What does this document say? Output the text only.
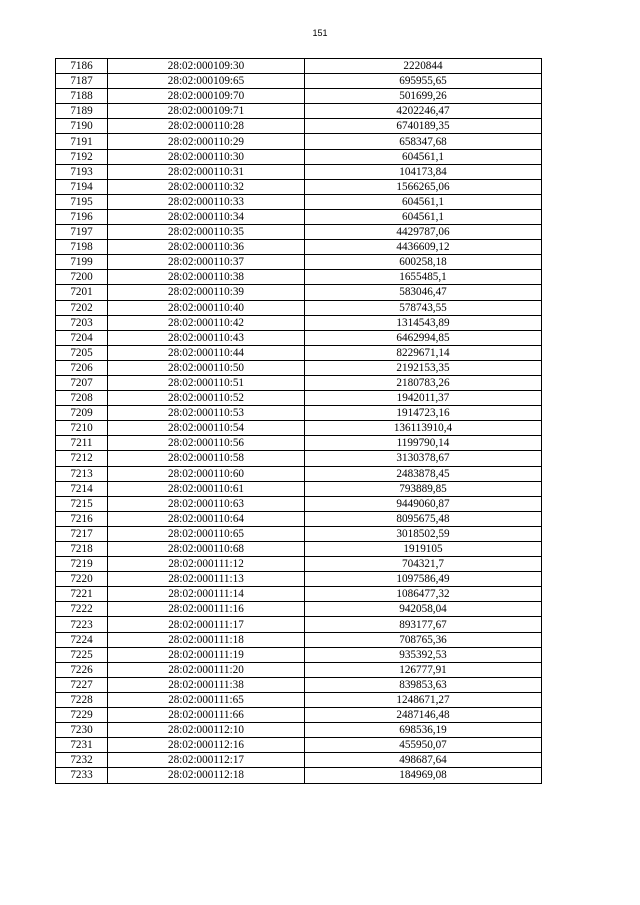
151
7186	28:02:000109:30	2220844
7187	28:02:000109:65	695955,65
7188	28:02:000109:70	501699,26
7189	28:02:000109:71	4202246,47
7190	28:02:000110:28	6740189,35
7191	28:02:000110:29	658347,68
7192	28:02:000110:30	604561,1
7193	28:02:000110:31	104173,84
7194	28:02:000110:32	1566265,06
7195	28:02:000110:33	604561,1
7196	28:02:000110:34	604561,1
7197	28:02:000110:35	4429787,06
7198	28:02:000110:36	4436609,12
7199	28:02:000110:37	600258,18
7200	28:02:000110:38	1655485,1
7201	28:02:000110:39	583046,47
7202	28:02:000110:40	578743,55
7203	28:02:000110:42	1314543,89
7204	28:02:000110:43	6462994,85
7205	28:02:000110:44	8229671,14
7206	28:02:000110:50	2192153,35
7207	28:02:000110:51	2180783,26
7208	28:02:000110:52	1942011,37
7209	28:02:000110:53	1914723,16
7210	28:02:000110:54	136113910,4
7211	28:02:000110:56	1199790,14
7212	28:02:000110:58	3130378,67
7213	28:02:000110:60	2483878,45
7214	28:02:000110:61	793889,85
7215	28:02:000110:63	9449060,87
7216	28:02:000110:64	8095675,48
7217	28:02:000110:65	3018502,59
7218	28:02:000110:68	1919105
7219	28:02:000111:12	704321,7
7220	28:02:000111:13	1097586,49
7221	28:02:000111:14	1086477,32
7222	28:02:000111:16	942058,04
7223	28:02:000111:17	893177,67
7224	28:02:000111:18	708765,36
7225	28:02:000111:19	935392,53
7226	28:02:000111:20	126777,91
7227	28:02:000111:38	839853,63
7228	28:02:000111:65	1248671,27
7229	28:02:000111:66	2487146,48
7230	28:02:000112:10	698536,19
7231	28:02:000112:16	455950,07
7232	28:02:000112:17	498687,64
7233	28:02:000112:18	184969,08
